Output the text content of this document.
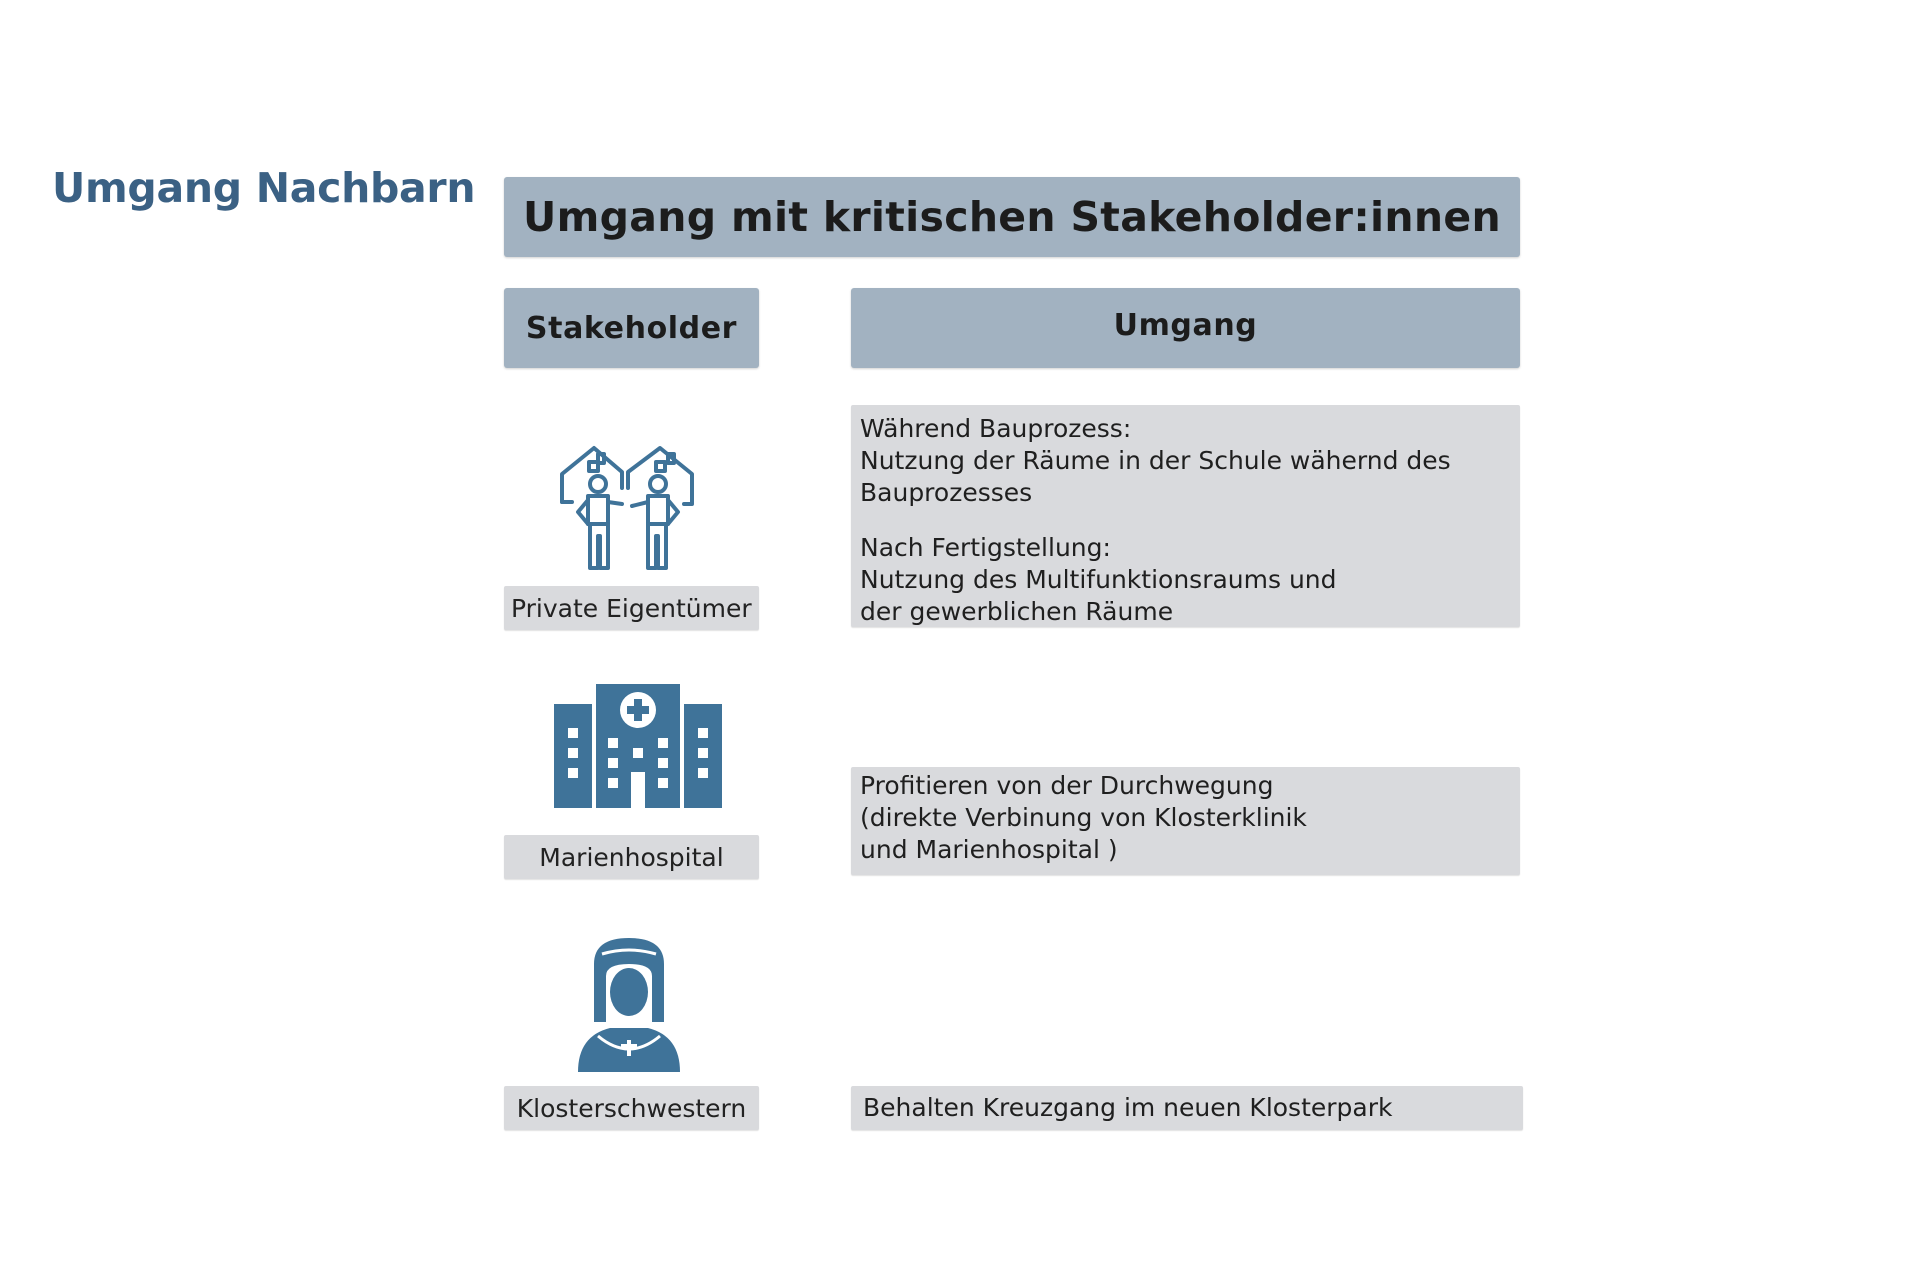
Umgang Nachbarn
Umgang mit kritischen Stakeholder:innen
Stakeholder	Umgang
Private Eigentümer
Während Bauprozess:
Nutzung der Räume in der Schule wähernd des
Bauprozesses
Nach Fertigstellung:
Nutzung des Multifunktionsraums und
der gewerblichen Räume
Marienhospital
Profitieren von der Durchwegung
(direkte Verbinung von Klosterklinik
und Marienhospital )
Klosterschwestern	Behalten Kreuzgang im neuen Klosterpark
